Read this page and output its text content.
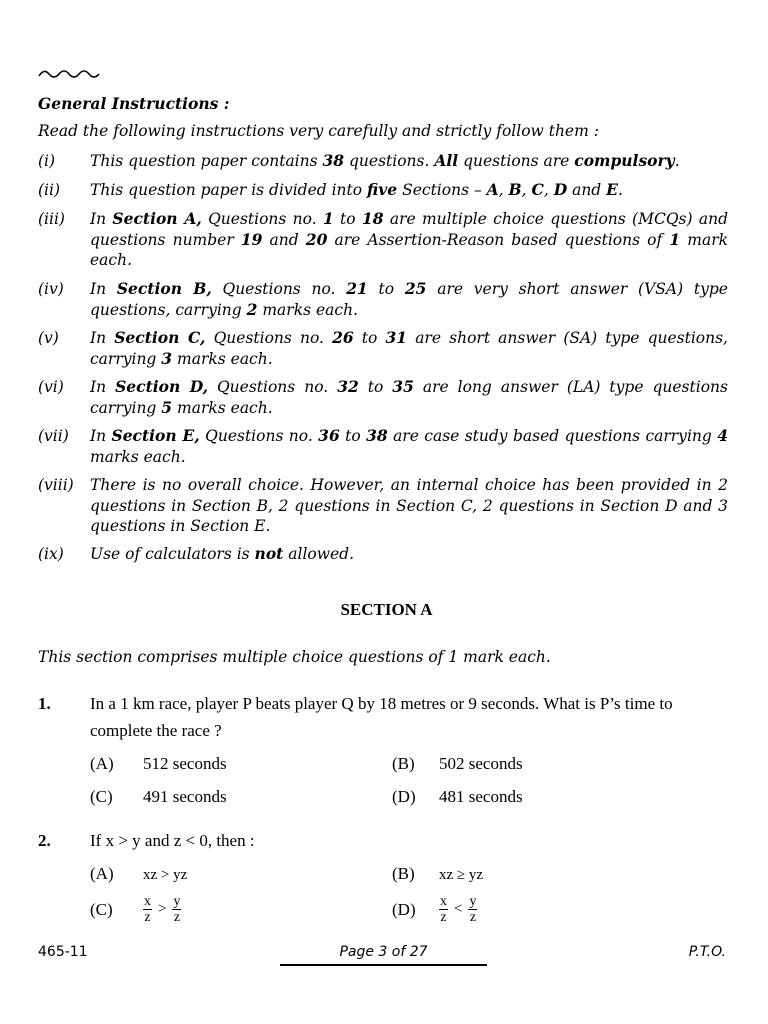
General Instructions :
Read the following instructions very carefully and strictly follow them :
(i) This question paper contains 38 questions. All questions are compulsory.
(ii) This question paper is divided into five Sections – A, B, C, D and E.
(iii) In Section A, Questions no. 1 to 18 are multiple choice questions (MCQs) and questions number 19 and 20 are Assertion-Reason based questions of 1 mark each.
(iv) In Section B, Questions no. 21 to 25 are very short answer (VSA) type questions, carrying 2 marks each.
(v) In Section C, Questions no. 26 to 31 are short answer (SA) type questions, carrying 3 marks each.
(vi) In Section D, Questions no. 32 to 35 are long answer (LA) type questions carrying 5 marks each.
(vii) In Section E, Questions no. 36 to 38 are case study based questions carrying 4 marks each.
(viii) There is no overall choice. However, an internal choice has been provided in 2 questions in Section B, 2 questions in Section C, 2 questions in Section D and 3 questions in Section E.
(ix) Use of calculators is not allowed.
SECTION A
This section comprises multiple choice questions of 1 mark each.
1. In a 1 km race, player P beats player Q by 18 metres or 9 seconds. What is P’s time to complete the race ?
(A) 512 seconds	(B) 502 seconds
(C) 491 seconds	(D) 481 seconds
2. If x > y and z < 0, then :
(A) xz > yz	(B) xz ≥ yz
$(C) \frac{x}{z} > \frac{y}{z}$	$(D) \frac{x}{z} < \frac{y}{z}$
465-11	Page 3 of 27	P.T.O.
